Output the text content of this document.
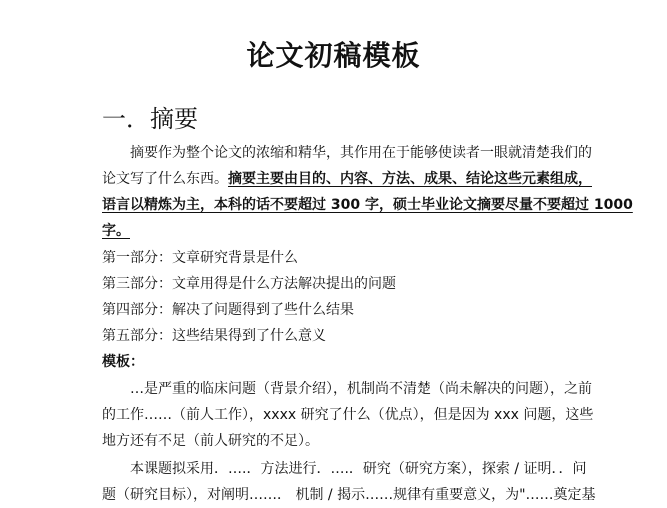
论文初稿模板
一．摘要
摘要作为整个论文的浓缩和精华，其作用在于能够使读者一眼就清楚我们的
论文写了什么东西。摘要主要由目的、内容、方法、成果、结论这些元素组成，
语言以精炼为主，本科的话不要超过 300 字，硕士毕业论文摘要尽量不要超过 1000
字。
第一部分：文章研究背景是什么
第三部分：文章用得是什么方法解决提出的问题
第四部分：解决了问题得到了些什么结果
第五部分：这些结果得到了什么意义
模板：
…是严重的临床问题（背景介绍），机制尚不清楚（尚未解决的问题），之前
的工作……（前人工作），xxxx 研究了什么（优点），但是因为 xxx 问题，这些
地方还有不足（前人研究的不足）。
本课题拟采用．….．方法进行．….．研究（研究方案），探索 / 证明．．问
题（研究目标），对阐明……． 机制 / 揭示……规律有重要意义，为"……奠定基
